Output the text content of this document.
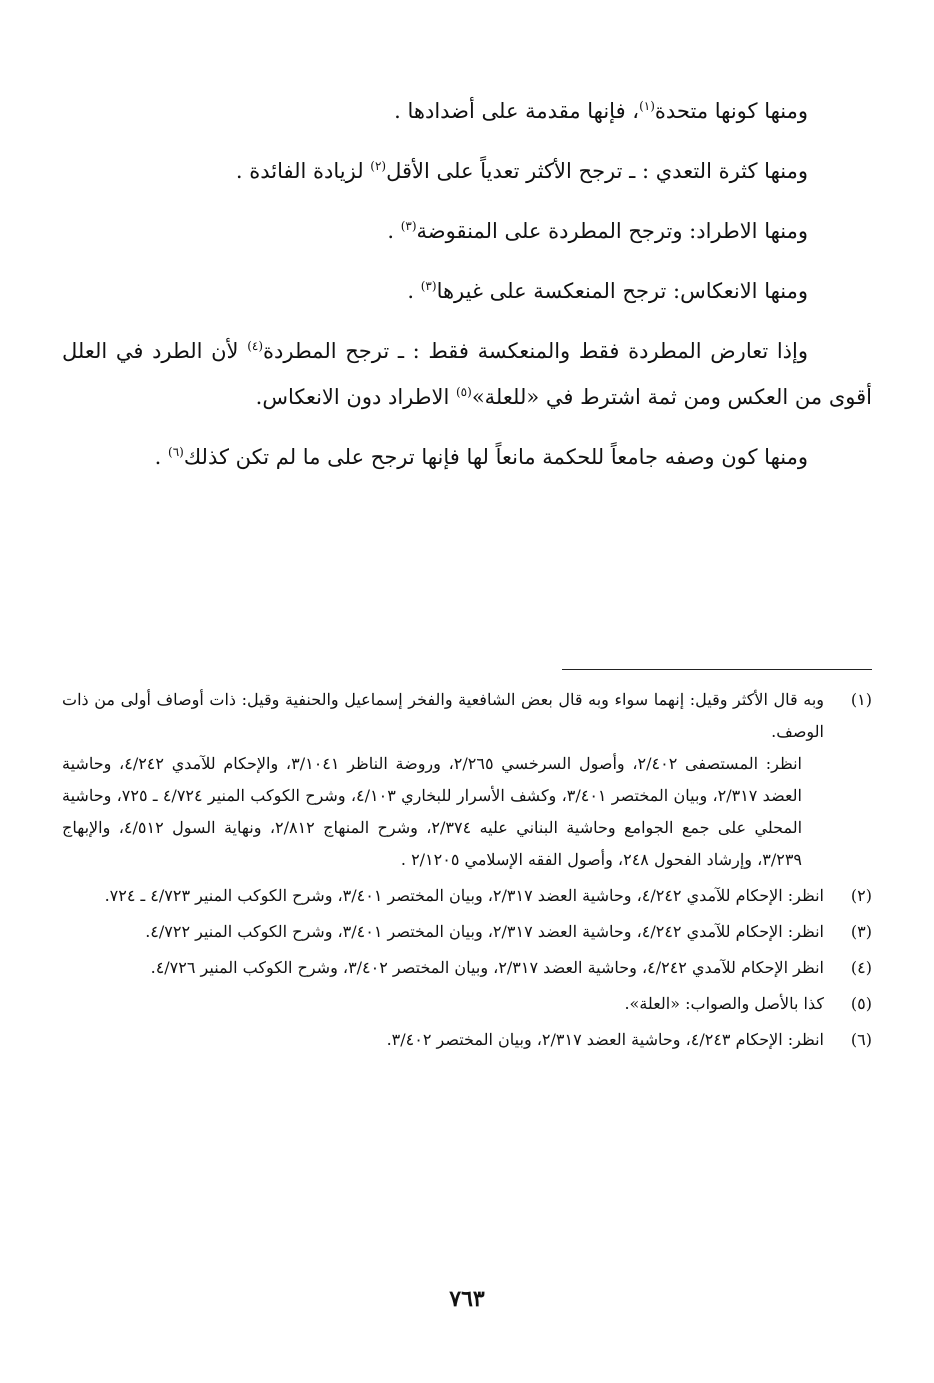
ومنها كونها متحدة$^{(١)}$، فإنها مقدمة على أضدادها .

ومنها كثرة التعدي : ـ ترجح الأكثر تعدياً على الأقل$^{(٢)}$ لزيادة الفائدة .

ومنها الاطراد: وترجح المطردة على المنقوضة$^{(٣)}$ .

ومنها الانعكاس: ترجح المنعكسة على غيرها$^{(٣)}$ .

وإذا تعارض المطردة فقط والمنعكسة فقط : ـ ترجح المطردة$^{(٤)}$ لأن الطرد في العلل أقوى من العكس ومن ثمة اشترط في «للعلة»$^{(٥)}$ الاطراد دون الانعكاس.

ومنها كون وصفه جامعاً للحكمة مانعاً لها فإنها ترجح على ما لم تكن كذلك$^{(٦)}$ .

(١)
وبه قال الأكثر وقيل: إنهما سواء وبه قال بعض الشافعية والفخر إسماعيل والحنفية وقيل: ذات أوصاف أولى من ذات الوصف.
انظر: المستصفى ٢/٤٠٢، وأصول السرخسي ٢/٢٦٥، وروضة الناظر ٣/١٠٤١، والإحكام للآمدي ٤/٢٤٢، وحاشية العضد ٢/٣١٧، وبيان المختصر ٣/٤٠١، وكشف الأسرار للبخاري ٤/١٠٣، وشرح الكوكب المنير ٤/٧٢٤ ـ ٧٢٥، وحاشية المحلي على جمع الجوامع وحاشية البناني عليه ٢/٣٧٤، وشرح المنهاج ٢/٨١٢، ونهاية السول ٤/٥١٢، والإبهاج ٣/٢٣٩، وإرشاد الفحول ٢٤٨، وأصول الفقه الإسلامي ٢/١٢٠٥ .
(٢)
انظر: الإحكام للآمدي ٤/٢٤٢، وحاشية العضد ٢/٣١٧، وبيان المختصر ٣/٤٠١، وشرح الكوكب المنير ٤/٧٢٣ ـ ٧٢٤.
(٣)
انظر: الإحكام للآمدي ٤/٢٤٢، وحاشية العضد ٢/٣١٧، وبيان المختصر ٣/٤٠١، وشرح الكوكب المنير ٤/٧٢٢.
(٤)
انظر الإحكام للآمدي ٤/٢٤٢، وحاشية العضد ٢/٣١٧، وبيان المختصر ٣/٤٠٢، وشرح الكوكب المنير ٤/٧٢٦.
(٥)
كذا بالأصل والصواب: «العلة».
(٦)
انظر: الإحكام ٤/٢٤٣، وحاشية العضد ٢/٣١٧، وبيان المختصر ٣/٤٠٢.
٧٦٣
